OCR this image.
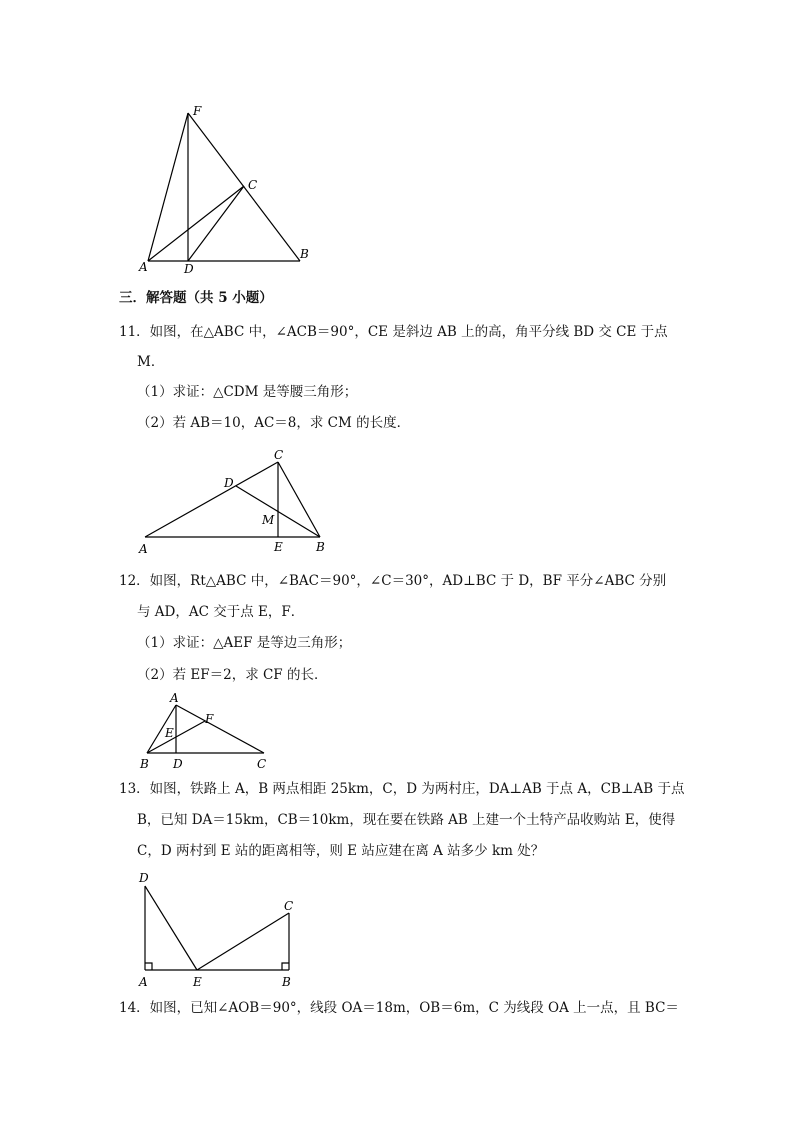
F
C
A	D
B
三．解答题（共 5 小题）
11．如图，在△ABC 中，∠ACB＝90°，CE 是斜边 AB 上的高，角平分线 BD 交 CE 于点
M．
（1）求证：△CDM 是等腰三角形；
（2）若 AB＝10，AC＝8，求 CM 的长度．
C
D
M
A	E	B
12．如图，Rt△ABC 中，∠BAC＝90°，∠C＝30°，AD⊥BC 于 D，BF 平分∠ABC 分别
与 AD，AC 交于点 E，F．
（1）求证：△AEF 是等边三角形；
（2）若 EF＝2，求 CF 的长．
A
F
E
B D	C
13．如图，铁路上 A，B 两点相距 25km，C，D 为两村庄，DA⊥AB 于点 A，CB⊥AB 于点
B，已知 DA＝15km，CB＝10km，现在要在铁路 AB 上建一个土特产品收购站 E，使得
C，D 两村到 E 站的距离相等，则 E 站应建在离 A 站多少 km 处？
D
C
A	E	B
14．如图，已知∠AOB＝90°，线段 OA＝18m，OB＝6m，C 为线段 OA 上一点，且 BC＝
